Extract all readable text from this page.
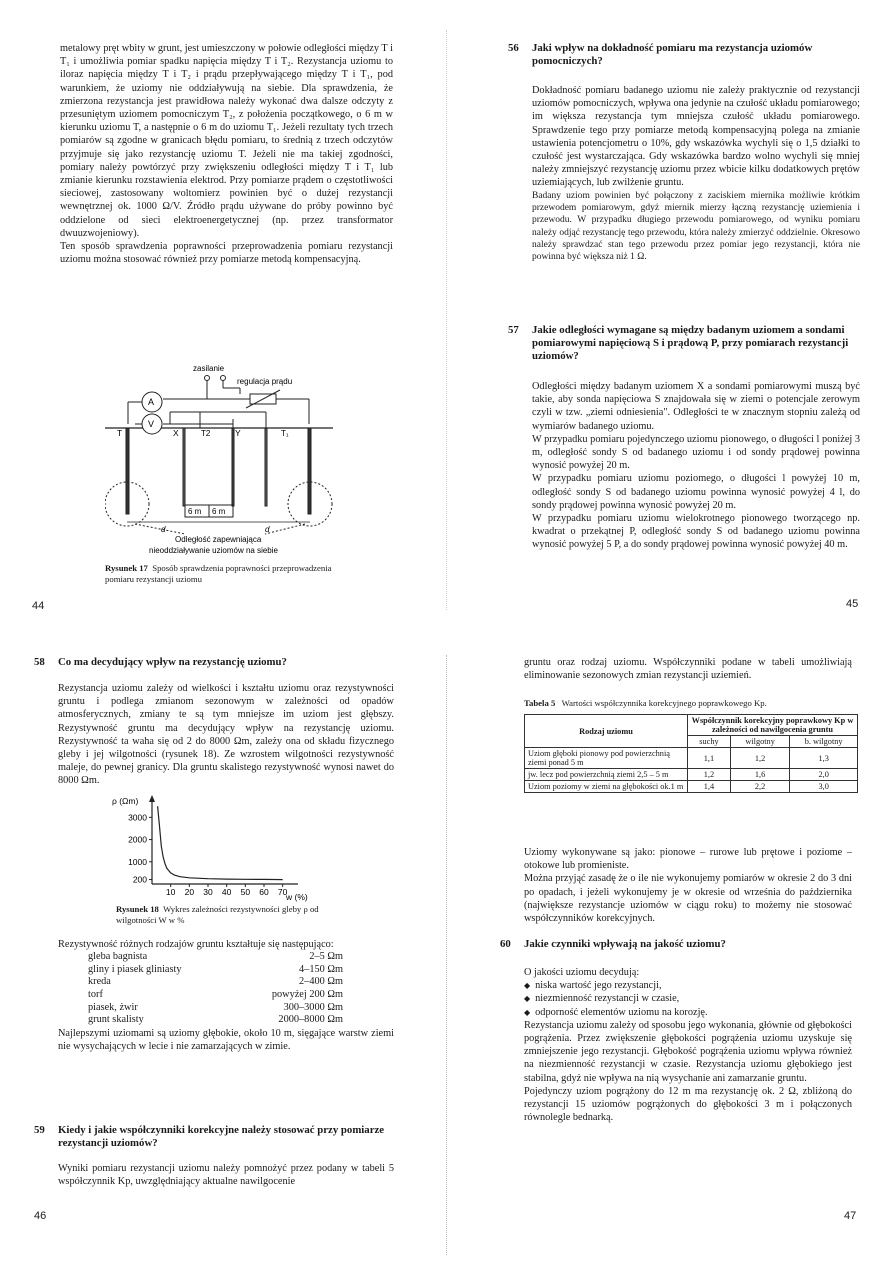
metalowy pręt wbity w grunt, jest umieszczony w połowie odległości między T i T₁ i umożliwia pomiar spadku napięcia między T i T₂. Rezystancja uziomu to iloraz napięcia między T i T₂ i prądu przepływającego między T i T₁, pod warunkiem, że uziomy nie oddziaływują na siebie. Dla sprawdzenia, że zmierzona rezystancja jest prawidłowa należy wykonać dwa dalsze odczyty z przesuniętym uziomem pomocniczym T₂, z położenia początkowego, o 6 m w kierunku uziomu T, a następnie o 6 m do uziomu T₁. Jeżeli rezultaty tych trzech pomiarów są zgodne w granicach błędu pomiaru, to średnią z trzech odczytów przyjmuje się jako rezystancję uziomu T. Jeżeli nie ma takiej zgodności, pomiary należy powtórzyć przy zwiększeniu odległości między T i T₁ lub zmianie kierunku rozstawienia elektrod. Przy pomiarze prądem o częstotliwości sieciowej, zastosowany woltomierz powinien być o dużej rezystancji wewnętrznej ok. 1000 Ω/V. Źródło prądu używane do próby powinno być oddzielone od sieci elektroenergetycznej (np. przez transformator dwuuzwojeniowy).

Ten sposób sprawdzenia poprawności przeprowadzenia pomiaru rezystancji uziomu można stosować również przy pomiarze metodą kompensacyjną.

zasilanie
regulacja prądu
A
V
T	X	T2	Y	T₁
6 m 6 m
d	d
Odległość zapewniająca
nieoddziaływanie uziomów na siebie
Rysunek 17 Sposób sprawdzenia poprawności przeprowadzenia pomiaru rezystancji uziomu
44
56 Jaki wpływ na dokładność pomiaru ma rezystancja uziomów pomocniczych?

Dokładność pomiaru badanego uziomu nie zależy praktycznie od rezystancji uziomów pomocniczych, wpływa ona jedynie na czułość układu pomiarowego; im większa rezystancja tym mniejsza czułość układu pomiarowego. Sprawdzenie tego przy pomiarze metodą kompensacyjną polega na zmianie ustawienia potencjometru o 10%, gdy wskazówka wychyli się o 1,5 działki to czułość jest wystarczająca. Gdy wskazówka bardzo wolno wychyli się mniej należy zmniejszyć rezystancję uziomu przez wbicie kilku dodatkowych prętów uziemiających, lub zwilżenie gruntu.

Badany uziom powinien być połączony z zaciskiem miernika możliwie krótkim przewodem pomiarowym, gdyż miernik mierzy łączną rezystancję uziemienia i przewodu. W przypadku długiego przewodu pomiarowego, od wyniku pomiaru należy odjąć rezystancję tego przewodu, która należy zmierzyć oddzielnie. Okresowo należy sprawdzać stan tego przewodu przez pomiar jego rezystancji, która nie powinna być większa niż 1 Ω.

57 Jakie odległości wymagane są między badanym uziomem a sondami pomiarowymi napięciową S i prądową P, przy pomiarach rezystancji uziomów?

Odległości między badanym uziomem X a sondami pomiarowymi muszą być takie, aby sonda napięciowa S znajdowała się w ziemi o potencjale zerowym czyli w tzw. „ziemi odniesienia". Odległości te w znacznym stopniu zależą od wymiarów badanego uziomu.

W przypadku pomiaru pojedynczego uziomu pionowego, o długości l poniżej 3 m, odległość sondy S od badanego uziomu i od sondy prądowej powinna wynosić powyżej 20 m.

W przypadku pomiaru uziomu poziomego, o długości l powyżej 10 m, odległość sondy S od badanego uziomu powinna wynosić powyżej 4 l, do sondy prądowej powinna wynosić powyżej 20 m.

W przypadku pomiaru uziomu wielokrotnego pionowego tworzącego np. kwadrat o przekątnej P, odległość sondy S od badanego uziomu powinna wynosić powyżej 5 P, a do sondy prądowej powinna wynosić powyżej 40 m.

45
58 Co ma decydujący wpływ na rezystancję uziomu?

Rezystancja uziomu zależy od wielkości i kształtu uziomu oraz rezystywności gruntu i podlega zmianom sezonowym w zależności od opadów atmosferycznych, zmiany te są tym mniejsze im uziom jest głębszy. Rezystywność gruntu ma decydujący wpływ na rezystancję uziomu. Rezystywność ta waha się od 2 do 8000 Ωm, zależy ona od składu fizycznego gleby i jej wilgotności (rysunek 18). Ze wzrostem wilgotności rezystywność maleje, do pewnej granicy. Dla gruntu skalistego rezystywność wynosi nawet do 8000 Ωm.

ρ (Ωm)
w (%)
200
1000
2000
3000
10 20 30 40 50 60 70
Rysunek 18 Wykres zależności rezystywności gleby ρ od wilgotności W w %

Rezystywność różnych rodzajów gruntu kształtuje się następująco:

gleba bagnista	2–5 Ωm
gliny i piasek gliniasty	4–150 Ωm
kreda	2–400 Ωm
torf	powyżej 200 Ωm
piasek, żwir	300–3000 Ωm
grunt skalisty	2000–8000 Ωm

Najlepszymi uziomami są uziomy głębokie, około 10 m, sięgające warstw ziemi nie wysychających w lecie i nie zamarzających w zimie.

59 Kiedy i jakie współczynniki korekcyjne należy stosować przy pomiarze rezystancji uziomów?

Wyniki pomiaru rezystancji uziomu należy pomnożyć przez podany w tabeli 5 współczynnik Kp, uwzględniający aktualne nawilgocenie

46

gruntu oraz rodzaj uziomu. Współczynniki podane w tabeli umożliwiają eliminowanie sezonowych zmian rezystancji uziemień.

Tabela 5 Wartości współczynnika korekcyjnego poprawkowego Kp.
Rodzaj uziomu	Współczynnik korekcyjny poprawkowy Kp w zależności od nawilgocenia gruntu		
	suchy	wilgotny	b. wilgotny
Uziom głęboki pionowy pod powierzchnią ziemi ponad 5 m	1,1	1,2	1,3
jw. lecz pod powierzchnią ziemi 2,5 – 5 m	1,2	1,6	2,0
Uziom poziomy w ziemi na głębokości ok.1 m	1,4	2,2	3,0

Uziomy wykonywane są jako: pionowe – rurowe lub prętowe i poziome – otokowe lub promieniste.

Można przyjąć zasadę że o ile nie wykonujemy pomiarów w okresie 2 do 3 dni po opadach, i jeżeli wykonujemy je w okresie od września do października (największe rezystancje uziomów w ciągu roku) to możemy nie stosować współczynników korekcyjnych.

60 Jakie czynniki wpływają na jakość uziomu?

O jakości uziomu decydują:

◆ niska wartość jego rezystancji,
◆ niezmienność rezystancji w czasie,
◆ odporność elementów uziomu na korozję.

Rezystancja uziomu zależy od sposobu jego wykonania, głównie od głębokości pogrążenia. Przez zwiększenie głębokości pogrążenia uziomu uzyskuje się zmniejszenie jego rezystancji. Głębokość pogrążenia uziomu wpływa również na niezmienność rezystancji w czasie. Rezystancja uziomu głębokiego jest stabilna, gdyż nie wpływa na nią wysychanie ani zamarzanie gruntu.

Pojedynczy uziom pogrążony do 12 m ma rezystancję ok. 2 Ω, zbliżoną do rezystancji 15 uziomów pogrążonych do głębokości 3 m i połączonych równolegle bednarką.

47
